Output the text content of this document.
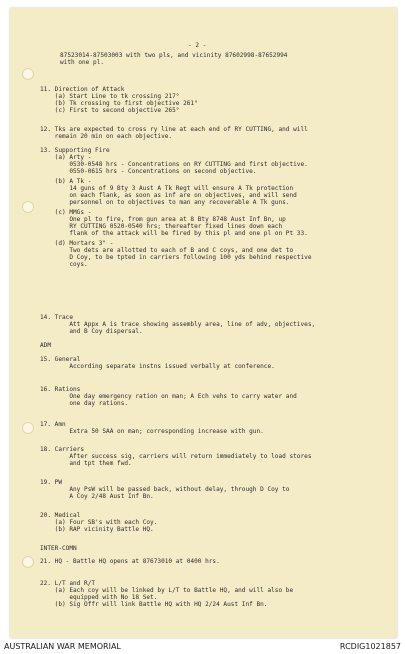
- 2 -

87523014-87503003 with two pls, and vicinity 87602998-87652994

with one pl.

11. Direction of Attack
(a) Start Line to tk crossing 217°
(b) Tk crossing to first objective 261°
(c) First to second objective 265°
12. Tks are expected to cross ry line at each end of RY CUTTING, and will
remain 20 min on each objective.
13. Supporting Fire
(a) Arty -
0530-0548 hrs - Concentrations on RY CUTTING and first objective.
0550-0615 hrs - Concentrations on second objective.
(b) A Tk -
14 guns of 9 Bty 3 Aust A Tk Regt will ensure A Tk protection
on each flank, as soon as inf are on objectives, and will send
personnel on to objectives to man any recoverable A Tk guns.
(c) MMGs -
One pl to fire, from gun area at 8 Bty 8748 Aust Inf Bn, up
RY CUTTING 0520-0540 hrs; thereafter fixed lines down each
flank of the attack will be fired by this pl and one pl on Pt 33.
(d) Mortars 3" -
Two dets are allotted to each of B and C coys, and one det to
D Coy, to be tpted in carriers following 100 yds behind respective
coys.
14. Trace
Att Appx A is trace showing assembly area, line of adv, objectives,
and B Coy dispersal.
ADM
15. General
According separate instns issued verbally at conference.
16. Rations
One day emergency ration on man; A Ech vehs to carry water and
one day rations.
17. Amn
Extra 50 SAA on man; corresponding increase with gun.
18. Carriers
After success sig, carriers will return immediately to load stores
and tpt them fwd.
19. PW
Any PsW will be passed back, without delay, through D Coy to
A Coy 2/48 Aust Inf Bn.
20. Medical
(a) Four SB's with each Coy.
(b) RAP vicinity Battle HQ.
INTER-COMN
21. HQ - Battle HQ opens at 87673010 at 0400 hrs.
22. L/T and R/T
(a) Each coy will be linked by L/T to Battle HQ, and will also be
equipped with No 18 Set.
(b) Sig Offr will link Battle HQ with HQ 2/24 Aust Inf Bn.
AUSTRALIAN WAR MEMORIAL	RCDIG1021857
